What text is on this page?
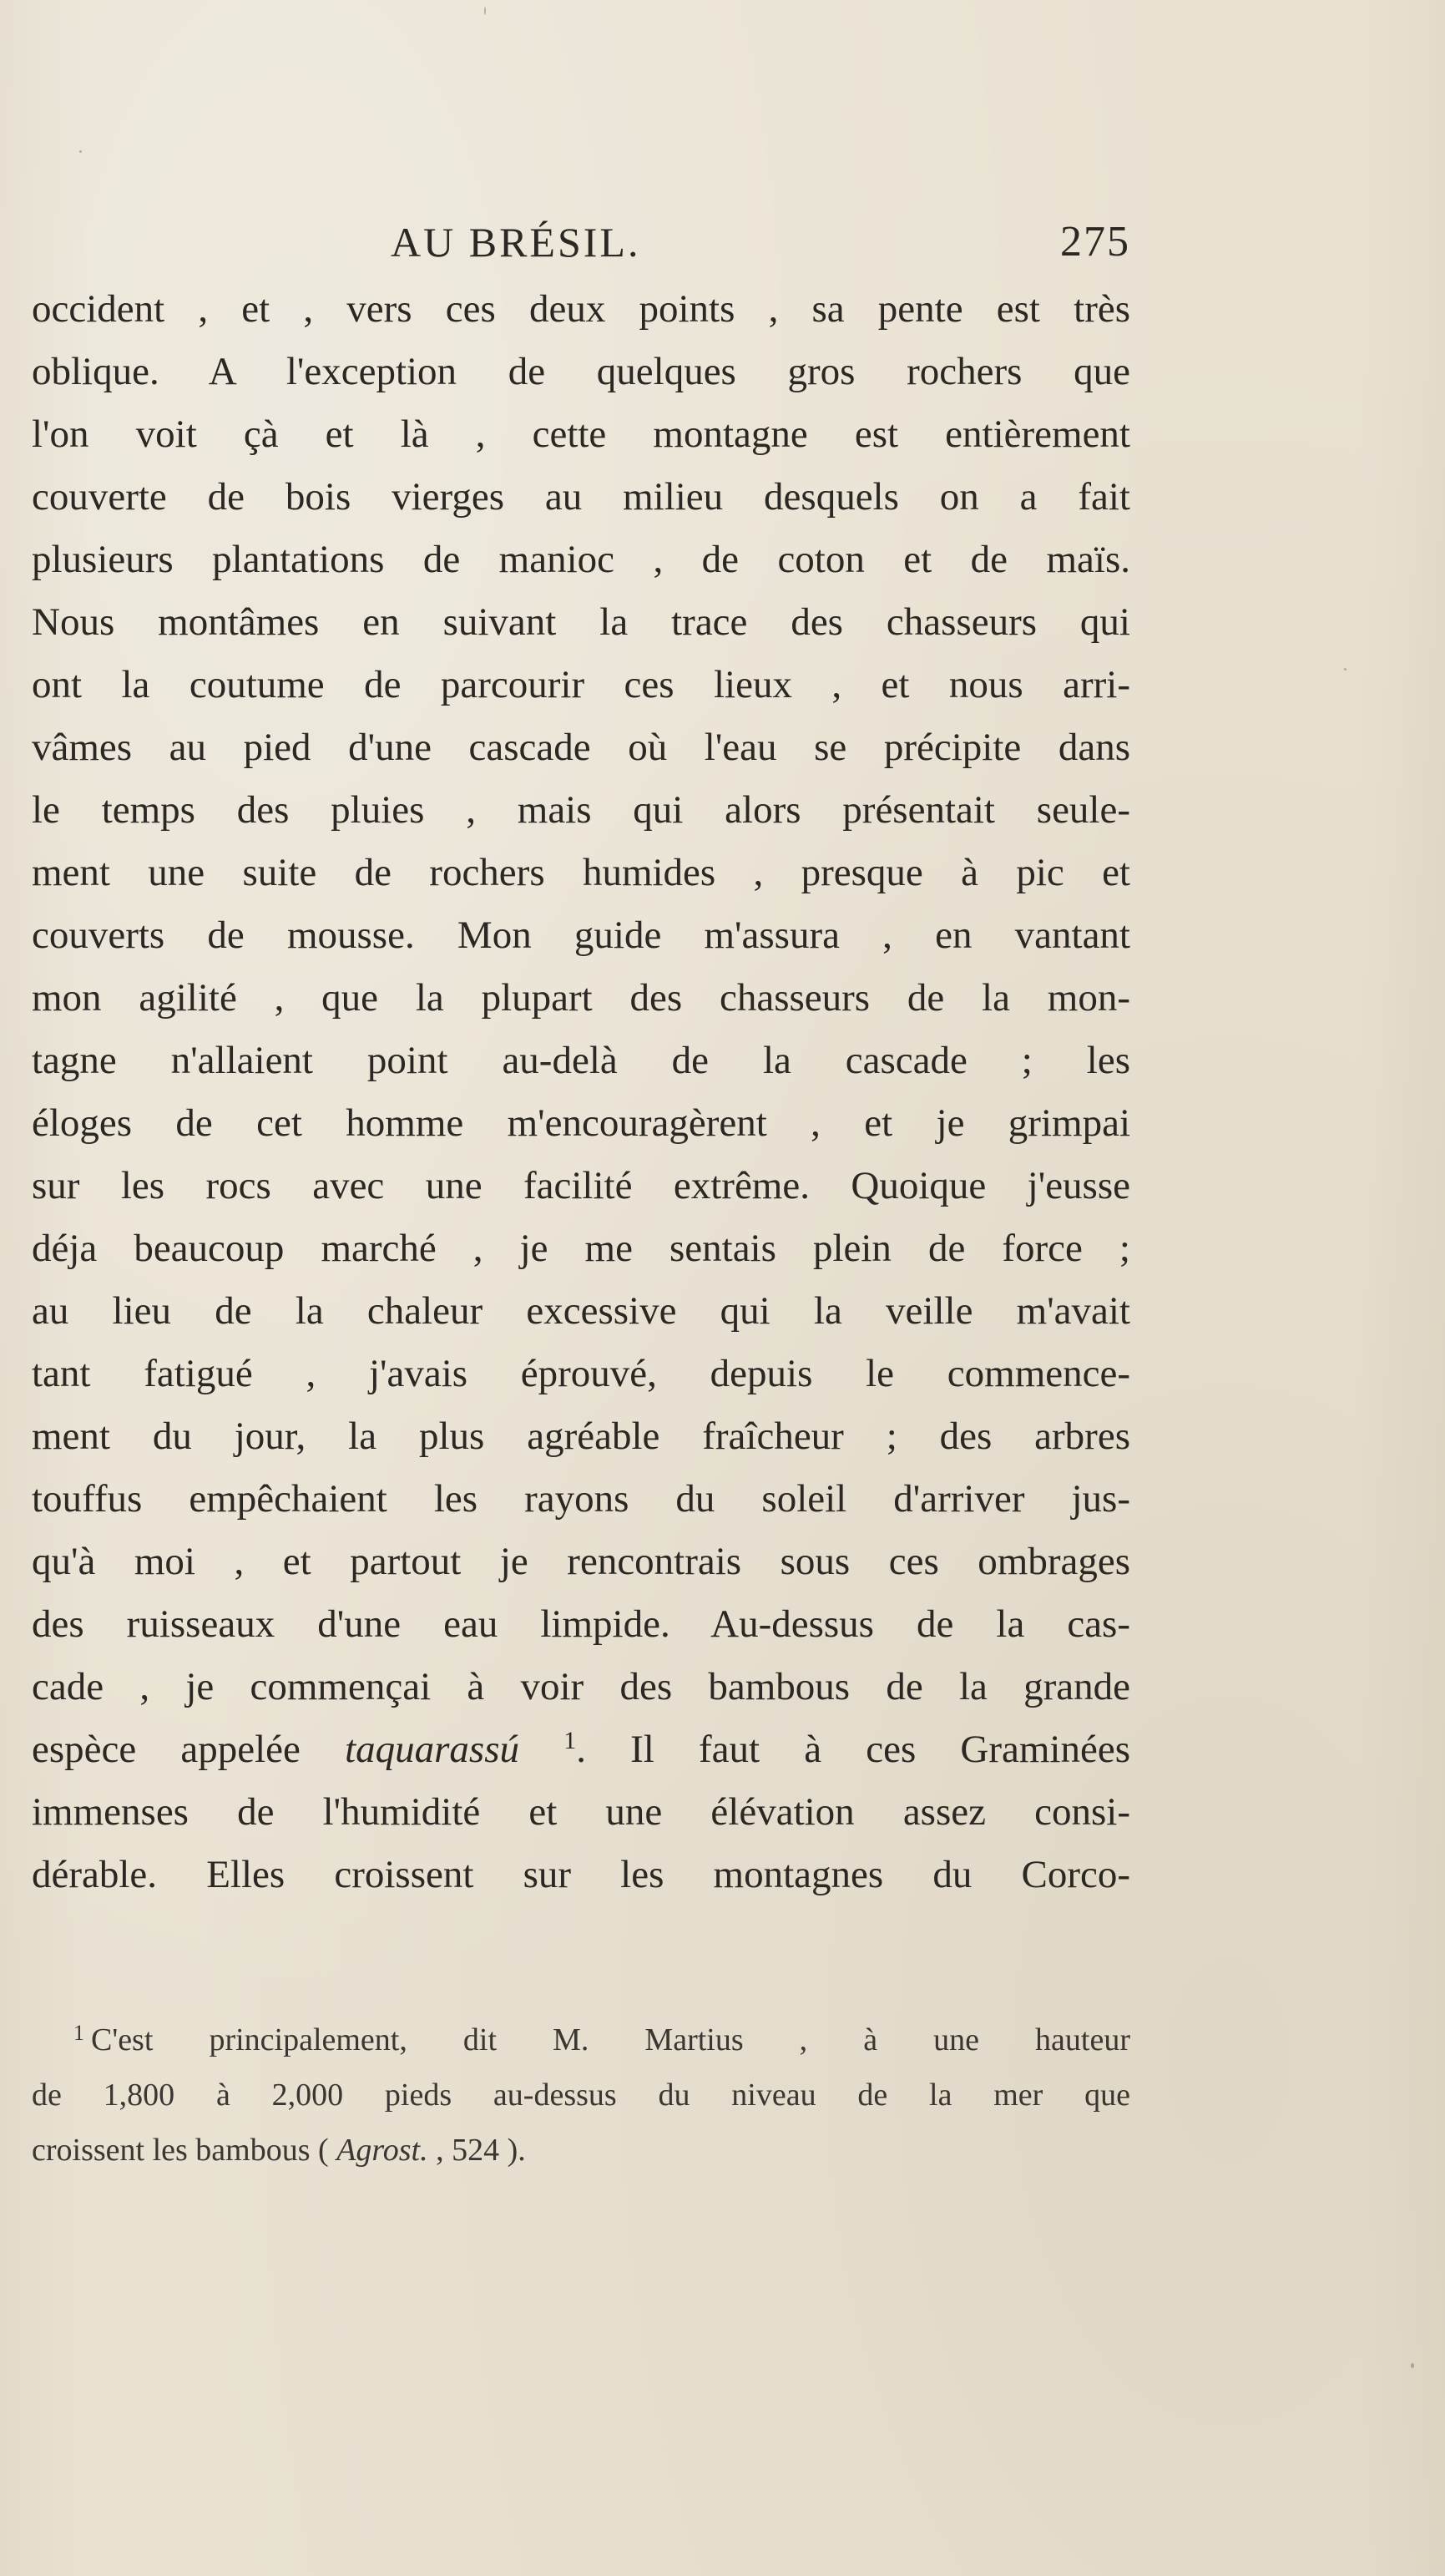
AU BRÉSIL.	275
occident , et , vers ces deux points , sa pente est très
oblique. A l'exception de quelques gros rochers que
l'on voit çà et là , cette montagne est entièrement
couverte de bois vierges au milieu desquels on a fait
plusieurs plantations de manioc , de coton et de maïs.
Nous montâmes en suivant la trace des chasseurs qui
ont la coutume de parcourir ces lieux , et nous arri-
vâmes au pied d'une cascade où l'eau se précipite dans
le temps des pluies , mais qui alors présentait seule-
ment une suite de rochers humides , presque à pic et
couverts de mousse. Mon guide m'assura , en vantant
mon agilité , que la plupart des chasseurs de la mon-
tagne n'allaient point au-delà de la cascade ; les
éloges de cet homme m'encouragèrent , et je grimpai
sur les rocs avec une facilité extrême. Quoique j'eusse
déja beaucoup marché , je me sentais plein de force ;
au lieu de la chaleur excessive qui la veille m'avait
tant fatigué , j'avais éprouvé, depuis le commence-
ment du jour, la plus agréable fraîcheur ; des arbres
touffus empêchaient les rayons du soleil d'arriver jus-
qu'à moi , et partout je rencontrais sous ces ombrages
des ruisseaux d'une eau limpide. Au-dessus de la cas-
cade , je commençai à voir des bambous de la grande
espèce appelée taquarassú $^1$. Il faut à ces Graminées
immenses de l'humidité et une élévation assez consi-
dérable. Elles croissent sur les montagnes du Corco-
$^1$ C'est principalement, dit M. Martius , à une hauteur
de 1,800 à 2,000 pieds au-dessus du niveau de la mer que
croissent les bambous ( Agrost. , 524 ).
